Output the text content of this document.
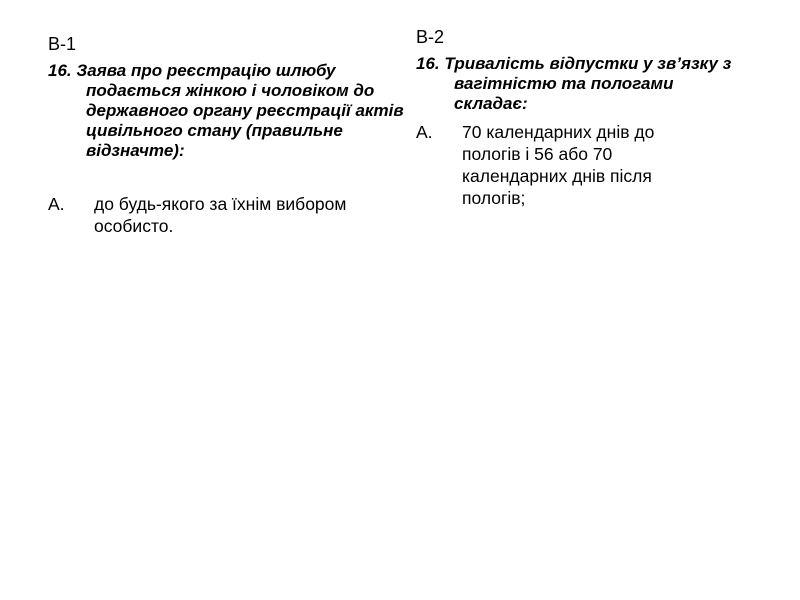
В-1

16. Заява про реєстрацію шлюбу подається жінкою і чоловіком до державного органу реєстрації актів цивільного стану (правильне відзначте):

А.	до будь-якого за їхнім вибором особисто.
В-2

16. Тривалість відпустки у зв’язку з вагітністю та пологами складає:

А.	70 календарних днів до пологів і 56 або 70 календарних днів після пологів;
